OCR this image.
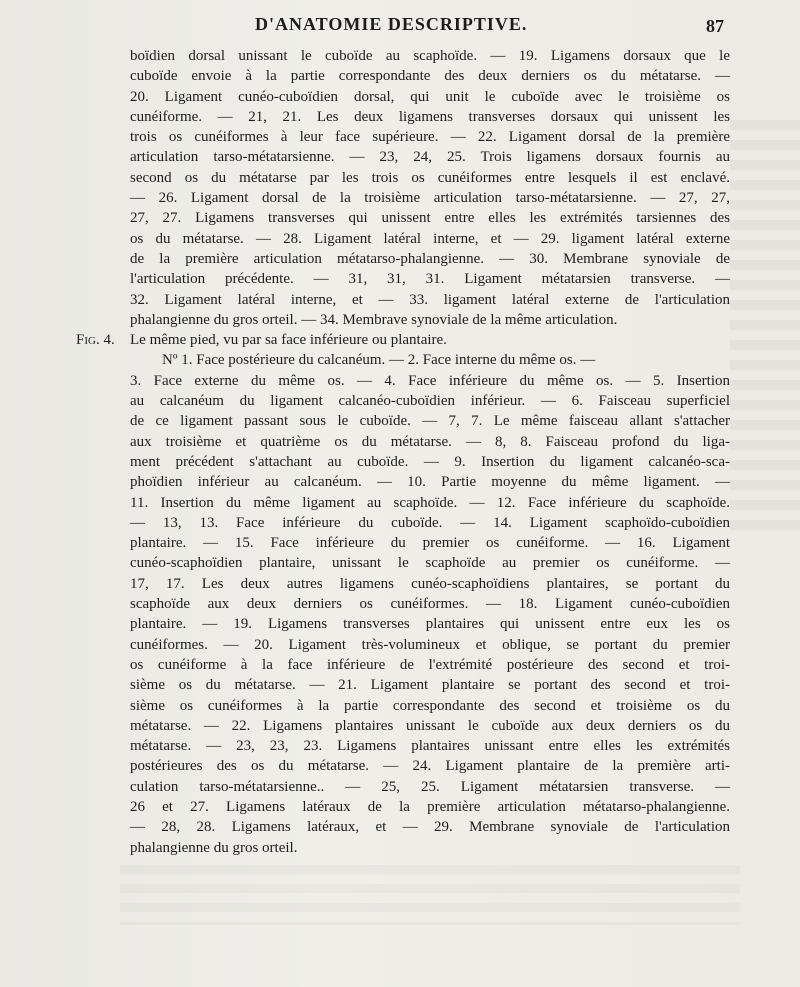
D'ANATOMIE DESCRIPTIVE.	87
boïdien dorsal unissant le cuboïde au scaphoïde. — 19. Ligamens dorsaux que le
cuboïde envoie à la partie correspondante des deux derniers os du métatarse. —
20. Ligament cunéo-cuboïdien dorsal, qui unit le cuboïde avec le troisième os
cunéiforme. — 21, 21. Les deux ligamens transverses dorsaux qui unissent les
trois os cunéiformes à leur face supérieure. — 22. Ligament dorsal de la première
articulation tarso-métatarsienne. — 23, 24, 25. Trois ligamens dorsaux fournis au
second os du métatarse par les trois os cunéiformes entre lesquels il est enclavé.
— 26. Ligament dorsal de la troisième articulation tarso-métatarsienne. — 27, 27,
27, 27. Ligamens transverses qui unissent entre elles les extrémités tarsiennes des
os du métatarse. — 28. Ligament latéral interne, et — 29. ligament latéral externe
de la première articulation métatarso-phalangienne. — 30. Membrane synoviale de
l'articulation précédente. — 31, 31, 31. Ligament métatarsien transverse. —
32. Ligament latéral interne, et — 33. ligament latéral externe de l'articulation
phalangienne du gros orteil. — 34. Membrave synoviale de la même articulation.
Fig. 4. Le même pied, vu par sa face inférieure ou plantaire.
Nº 1. Face postérieure du calcanéum. — 2. Face interne du même os. —
3. Face externe du même os. — 4. Face inférieure du même os. — 5. Insertion
au calcanéum du ligament calcanéo-cuboïdien inférieur. — 6. Faisceau superficiel
de ce ligament passant sous le cuboïde. — 7, 7. Le même faisceau allant s'attacher
aux troisième et quatrième os du métatarse. — 8, 8. Faisceau profond du liga-
ment précédent s'attachant au cuboïde. — 9. Insertion du ligament calcanéo-sca-
phoïdien inférieur au calcanéum. — 10. Partie moyenne du même ligament. —
11. Insertion du même ligament au scaphoïde. — 12. Face inférieure du scaphoïde.
— 13, 13. Face inférieure du cuboïde. — 14. Ligament scaphoïdo-cuboïdien
plantaire. — 15. Face inférieure du premier os cunéiforme. — 16. Ligament
cunéo-scaphoïdien plantaire, unissant le scaphoïde au premier os cunéiforme. —
17, 17. Les deux autres ligamens cunéo-scaphoïdiens plantaires, se portant du
scaphoïde aux deux derniers os cunéiformes. — 18. Ligament cunéo-cuboïdien
plantaire. — 19. Ligamens transverses plantaires qui unissent entre eux les os
cunéiformes. — 20. Ligament très-volumineux et oblique, se portant du premier
os cunéiforme à la face inférieure de l'extrémité postérieure des second et troi-
sième os du métatarse. — 21. Ligament plantaire se portant des second et troi-
sième os cunéiformes à la partie correspondante des second et troisième os du
métatarse. — 22. Ligamens plantaires unissant le cuboïde aux deux derniers os du
métatarse. — 23, 23, 23. Ligamens plantaires unissant entre elles les extrémités
postérieures des os du métatarse. — 24. Ligament plantaire de la première arti-
culation tarso-métatarsienne.. — 25, 25. Ligament métatarsien transverse. —
26 et 27. Ligamens latéraux de la première articulation métatarso-phalangienne.
— 28, 28. Ligamens latéraux, et — 29. Membrane synoviale de l'articulation
phalangienne du gros orteil.
